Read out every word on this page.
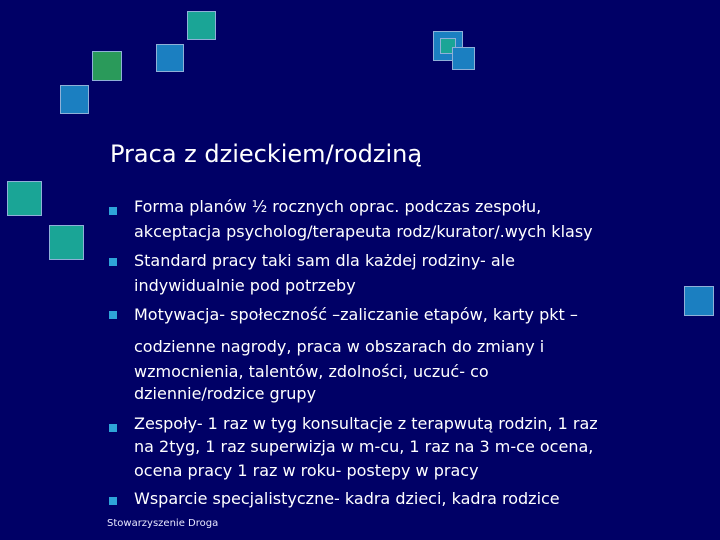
Praca z dzieckiem/rodziną
Forma planów ½ rocznych oprac. podczas zespołu,
akceptacja psycholog/terapeuta rodz/kurator/.wych klasy
Standard pracy taki sam dla każdej rodziny- ale
indywidualnie pod potrzeby
Motywacja- społeczność –zaliczanie etapów, karty pkt –
codzienne nagrody, praca w obszarach do zmiany i
wzmocnienia, talentów, zdolności, uczuć- co
dziennie/rodzice grupy
Zespoły- 1 raz w tyg konsultacje z terapwutą rodzin, 1 raz
na 2tyg, 1 raz superwizja w m-cu, 1 raz na 3 m-ce ocena,
ocena pracy 1 raz w roku- postepy w pracy
Wsparcie specjalistyczne- kadra dzieci, kadra rodzice
Stowarzyszenie Droga
